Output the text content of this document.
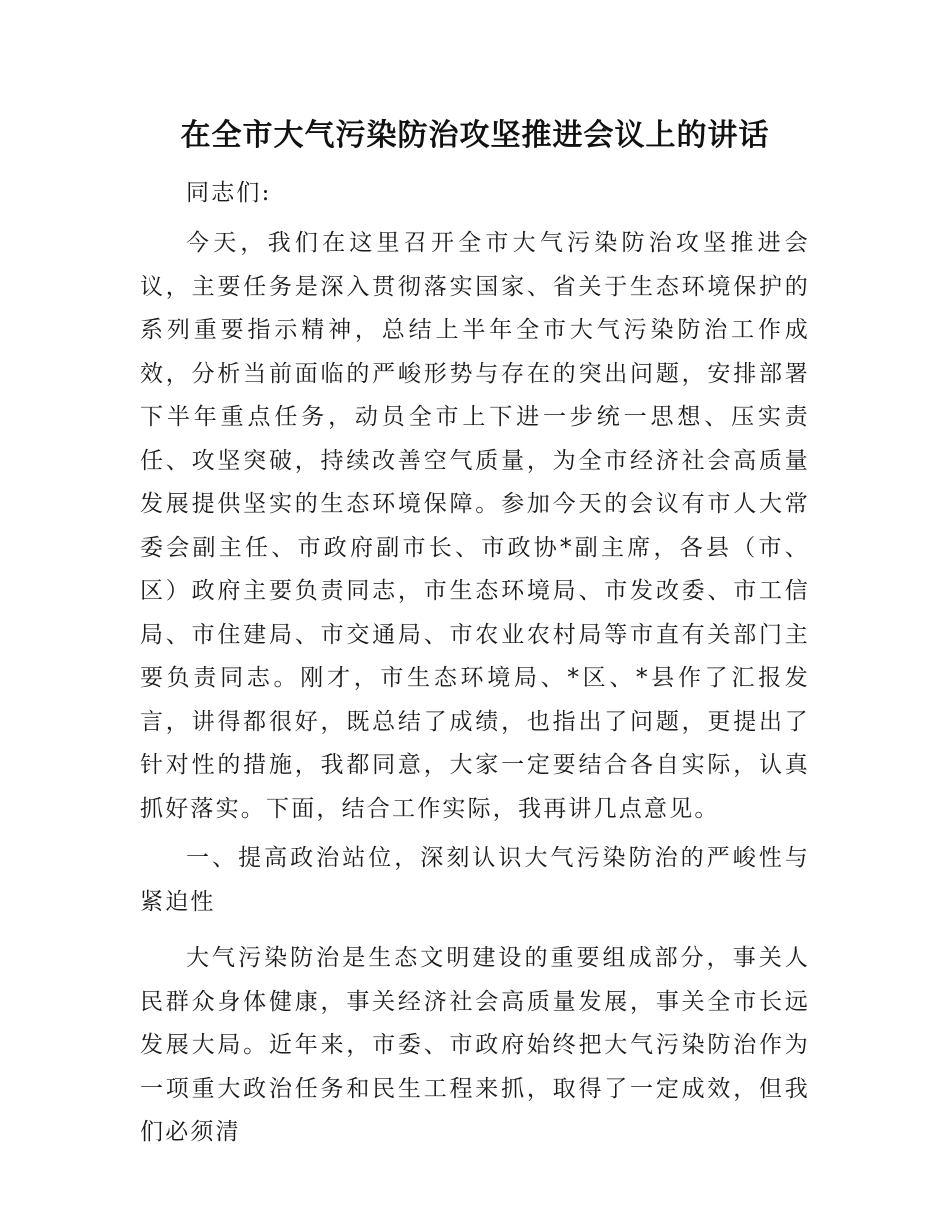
在全市大气污染防治攻坚推进会议上的讲话

同志们:

今天，我们在这里召开全市大气污染防治攻坚推进会议，主要任务是深入贯彻落实国家、省关于生态环境保护的系列重要指示精神，总结上半年全市大气污染防治工作成效，分析当前面临的严峻形势与存在的突出问题，安排部署下半年重点任务，动员全市上下进一步统一思想、压实责任、攻坚突破，持续改善空气质量，为全市经济社会高质量发展提供坚实的生态环境保障。参加今天的会议有市人大常委会副主任、市政府副市长、市政协*副主席，各县（市、区）政府主要负责同志，市生态环境局、市发改委、市工信局、市住建局、市交通局、市农业农村局等市直有关部门主要负责同志。刚才，市生态环境局、*区、*县作了汇报发言，讲得都很好，既总结了成绩，也指出了问题，更提出了针对性的措施，我都同意，大家一定要结合各自实际，认真抓好落实。下面，结合工作实际，我再讲几点意见。

一、提高政治站位，深刻认识大气污染防治的严峻性与紧迫性

大气污染防治是生态文明建设的重要组成部分，事关人民群众身体健康，事关经济社会高质量发展，事关全市长远发展大局。近年来，市委、市政府始终把大气污染防治作为一项重大政治任务和民生工程来抓，取得了一定成效，但我们必须清
